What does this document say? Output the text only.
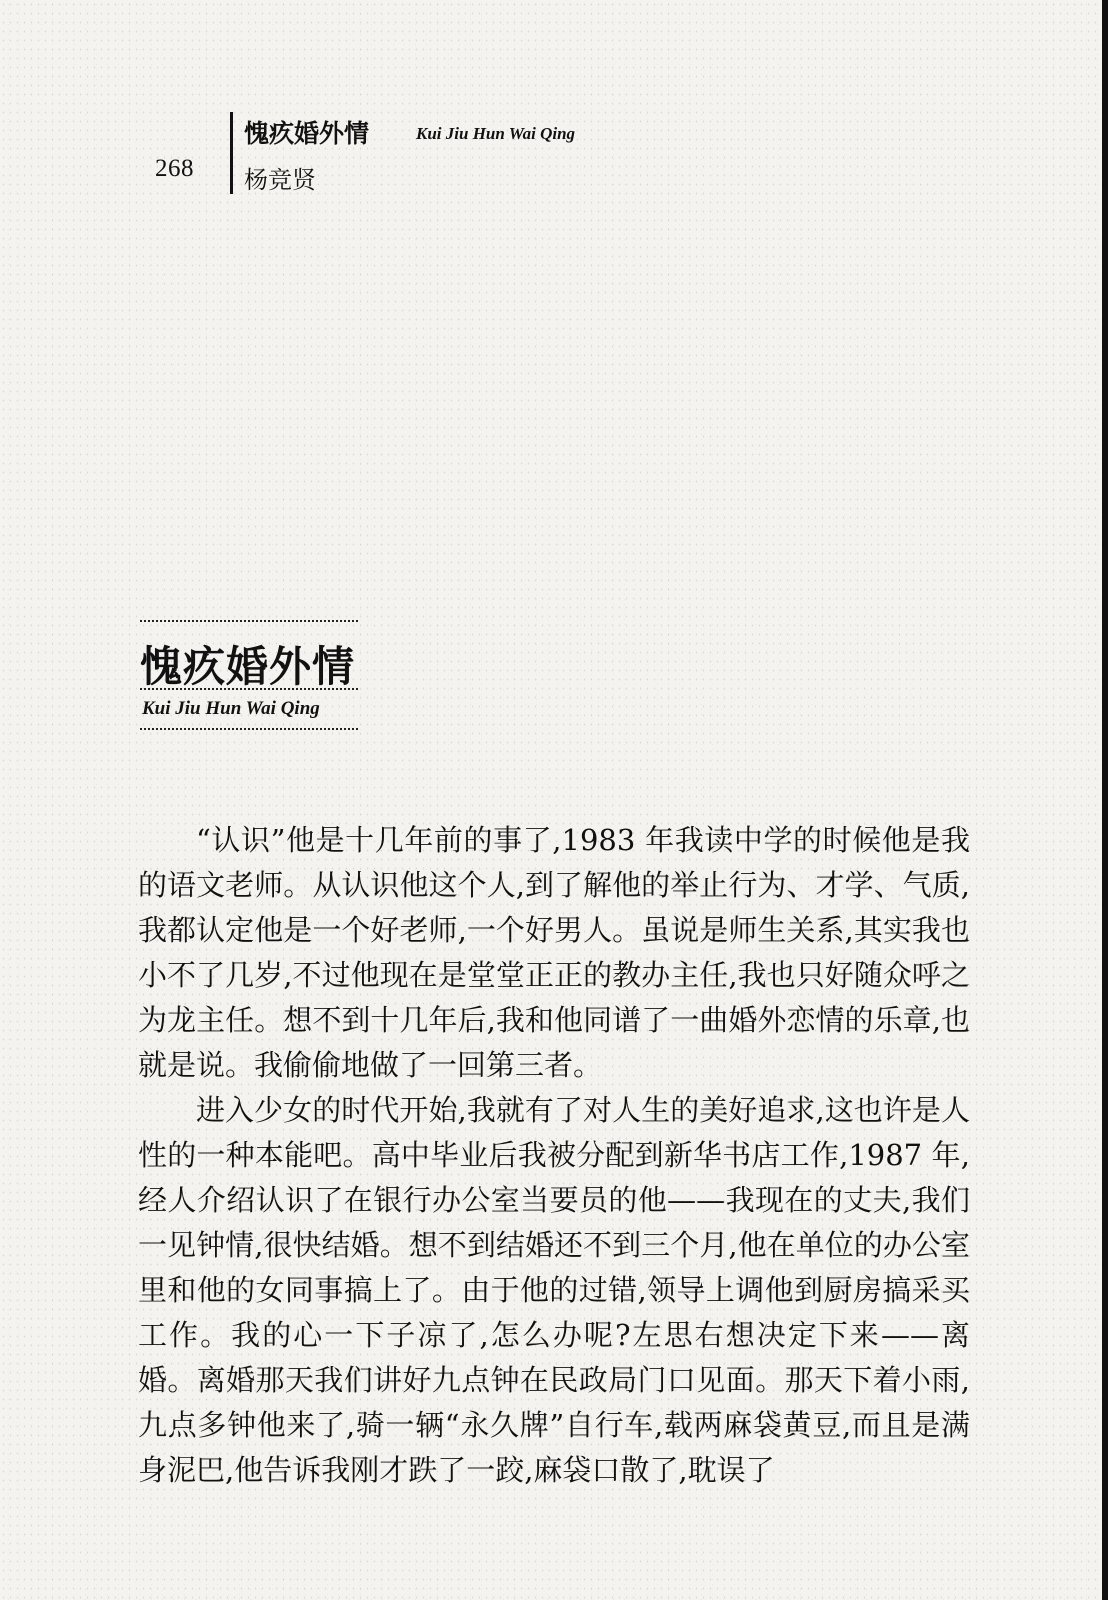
268
愧疚婚外情	Kui Jiu Hun Wai Qing
杨竞贤
愧疚婚外情
Kui Jiu Hun Wai Qing

“认识”他是十几年前的事了,1983 年我读中学的时候他是我的语文老师。从认识他这个人,到了解他的举止行为、才学、气质,我都认定他是一个好老师,一个好男人。虽说是师生关系,其实我也小不了几岁,不过他现在是堂堂正正的教办主任,我也只好随众呼之为龙主任。想不到十几年后,我和他同谱了一曲婚外恋情的乐章,也就是说。我偷偷地做了一回第三者。

进入少女的时代开始,我就有了对人生的美好追求,这也许是人性的一种本能吧。高中毕业后我被分配到新华书店工作,1987 年,经人介绍认识了在银行办公室当要员的他——我现在的丈夫,我们一见钟情,很快结婚。想不到结婚还不到三个月,他在单位的办公室里和他的女同事搞上了。由于他的过错,领导上调他到厨房搞采买工作。我的心一下子凉了,怎么办呢?左思右想决定下来——离婚。离婚那天我们讲好九点钟在民政局门口见面。那天下着小雨,九点多钟他来了,骑一辆“永久牌”自行车,载两麻袋黄豆,而且是满身泥巴,他告诉我刚才跌了一跤,麻袋口散了,耽误了
